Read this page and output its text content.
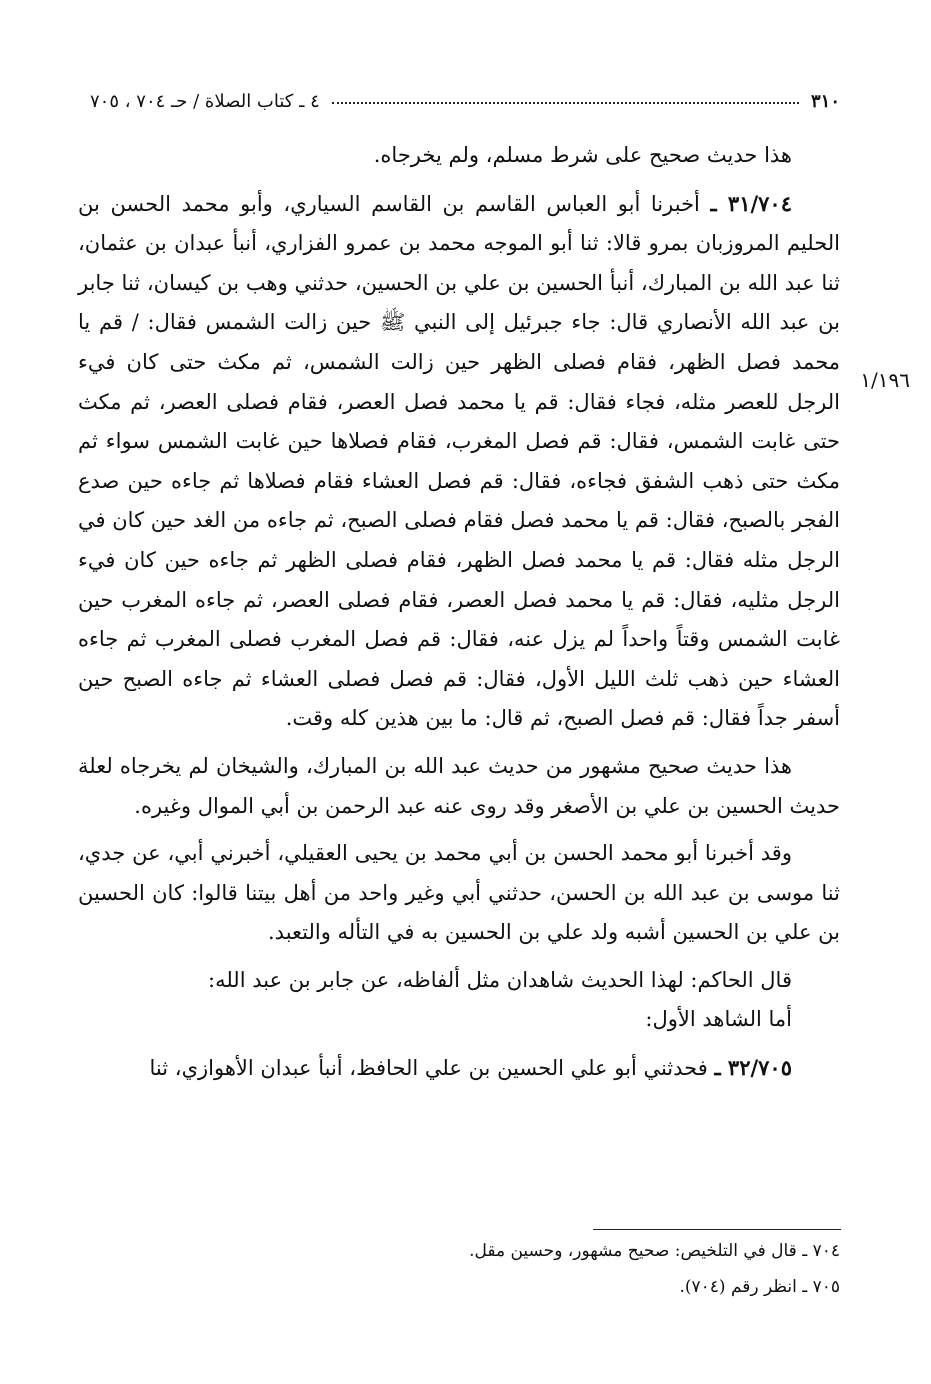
٣١٠
٤ ـ كتاب الصلاة / حـ ٧٠٤ ، ٧٠٥
١/١٩٦

هذا حديث صحيح على شرط مسلم، ولم يخرجاه.

٣١/٧٠٤ ـ أخبرنا أبو العباس القاسم بن القاسم السياري، وأبو محمد الحسن بن الحليم المروزبان بمرو قالا: ثنا أبو الموجه محمد بن عمرو الفزاري، أنبأ عبدان بن عثمان، ثنا عبد الله بن المبارك، أنبأ الحسين بن علي بن الحسين، حدثني وهب بن كيسان، ثنا جابر بن عبد الله الأنصاري قال: جاء جبرئيل إلى النبي ﷺ حين زالت الشمس فقال: / قم يا محمد فصل الظهر، فقام فصلى الظهر حين زالت الشمس، ثم مكث حتى كان فيء الرجل للعصر مثله، فجاء فقال: قم يا محمد فصل العصر، فقام فصلى العصر، ثم مكث حتى غابت الشمس، فقال: قم فصل المغرب، فقام فصلاها حين غابت الشمس سواء ثم مكث حتى ذهب الشفق فجاءه، فقال: قم فصل العشاء فقام فصلاها ثم جاءه حين صدع الفجر بالصبح، فقال: قم يا محمد فصل فقام فصلى الصبح، ثم جاءه من الغد حين كان في الرجل مثله فقال: قم يا محمد فصل الظهر، فقام فصلى الظهر ثم جاءه حين كان فيء الرجل مثليه، فقال: قم يا محمد فصل العصر، فقام فصلى العصر، ثم جاءه المغرب حين غابت الشمس وقتاً واحداً لم يزل عنه، فقال: قم فصل المغرب فصلى المغرب ثم جاءه العشاء حين ذهب ثلث الليل الأول، فقال: قم فصل فصلى العشاء ثم جاءه الصبح حين أسفر جداً فقال: قم فصل الصبح، ثم قال: ما بين هذين كله وقت.

هذا حديث صحيح مشهور من حديث عبد الله بن المبارك، والشيخان لم يخرجاه لعلة حديث الحسين بن علي بن الأصغر وقد روى عنه عبد الرحمن بن أبي الموال وغيره.

وقد أخبرنا أبو محمد الحسن بن أبي محمد بن يحيى العقيلي، أخبرني أبي، عن جدي، ثنا موسى بن عبد الله بن الحسن، حدثني أبي وغير واحد من أهل بيتنا قالوا: كان الحسين بن علي بن الحسين أشبه ولد علي بن الحسين به في التأله والتعبد.

قال الحاكم: لهذا الحديث شاهدان مثل ألفاظه، عن جابر بن عبد الله:

أما الشاهد الأول:

٣٢/٧٠٥ ـ فحدثني أبو علي الحسين بن علي الحافظ، أنبأ عبدان الأهوازي، ثنا

٧٠٤ ـ قال في التلخيص: صحيح مشهور، وحسين مقل.
٧٠٥ ـ انظر رقم (٧٠٤).
